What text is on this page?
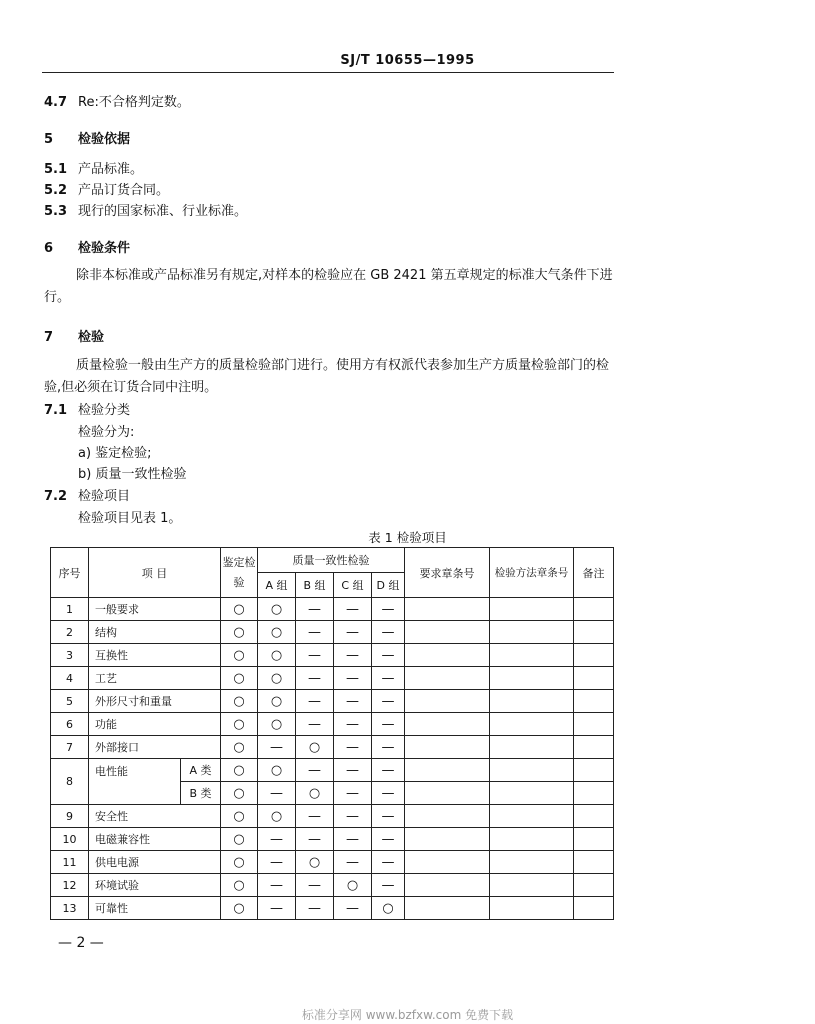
SJ/T 10655—1995
4.7 Re:不合格判定数。
5 检验依据
5.1 产品标准。
5.2 产品订货合同。
5.3 现行的国家标准、行业标准。
6 检验条件
除非本标准或产品标准另有规定,对样本的检验应在 GB 2421 第五章规定的标准大气条件下进行。
7 检验
质量检验一般由生产方的质量检验部门进行。使用方有权派代表参加生产方质量检验部门的检验,但必须在订货合同中注明。
7.1 检验分类
检验分为:
a) 鉴定检验;
b) 质量一致性检验
7.2 检验项目
检验项目见表 1。
表 1 检验项目
序号	项 目		鉴定检验	质量一致性检验				要求章条号	检验方法章条号	备注
				A 组	B 组	C 组	D 组			
1	一般要求		○	○	—	—	—			
2	结构		○	○	—	—	—			
3	互换性		○	○	—	—	—			
4	工艺		○	○	—	—	—			
5	外形尺寸和重量		○	○	—	—	—			
6	功能		○	○	—	—	—			
7	外部接口		○	—	○	—	—			
8	电性能	A 类	○	○	—	—	—			
		B 类	○	—	○	—	—			
9	安全性		○	○	—	—	—			
10	电磁兼容性		○	—	—	—	—			
11	供电电源		○	—	○	—	—			
12	环境试验		○	—	—	○	—			
13	可靠性		○	—	—	—	○			
— 2 —
标准分享网 www.bzfxw.com 免费下载
